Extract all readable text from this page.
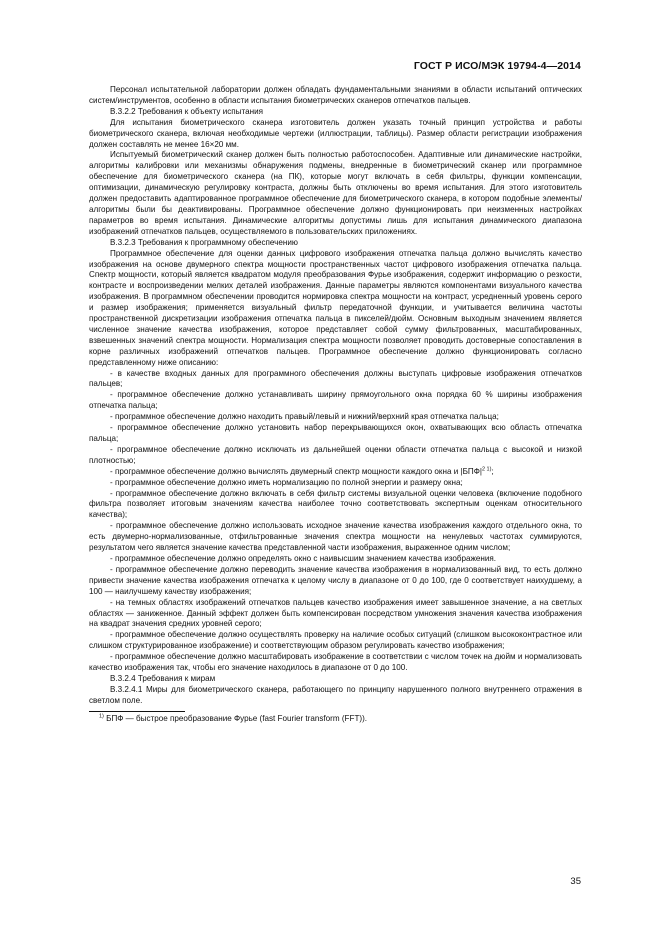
ГОСТ Р ИСО/МЭК 19794-4—2014

Персонал испытательной лаборатории должен обладать фундаментальными знаниями в области испытаний оптических систем/инструментов, особенно в области испытания биометрических сканеров отпечатков пальцев.

В.3.2.2 Требования к объекту испытания

Для испытания биометрического сканера изготовитель должен указать точный принцип устройства и работы биометрического сканера, включая необходимые чертежи (иллюстрации, таблицы). Размер области регистрации изображения должен составлять не менее 16×20 мм.

Испытуемый биометрический сканер должен быть полностью работоспособен. Адаптивные или динамические настройки, алгоритмы калибровки или механизмы обнаружения подмены, внедренные в биометрический сканер или программное обеспечение для биометрического сканера (на ПК), которые могут включать в себя фильтры, функции компенсации, оптимизации, динамическую регулировку контраста, должны быть отключены во время испытания. Для этого изготовитель должен предоставить адаптированное программное обеспечение для биометрического сканера, в котором подобные элементы/алгоритмы были бы деактивированы. Программное обеспечение должно функционировать при неизменных настройках параметров во время испытания. Динамические алгоритмы допустимы лишь для испытания динамического диапазона изображений отпечатков пальцев, осуществляемого в пользовательских приложениях.

В.3.2.3 Требования к программному обеспечению

Программное обеспечение для оценки данных цифрового изображения отпечатка пальца должно вычислять качество изображения на основе двумерного спектра мощности пространственных частот цифрового изображения отпечатка пальца. Спектр мощности, который является квадратом модуля преобразования Фурье изображения, содержит информацию о резкости, контрасте и воспроизведении мелких деталей изображения. Данные параметры являются компонентами визуального качества изображения. В программном обеспечении проводится нормировка спектра мощности на контраст, усредненный уровень серого и размер изображения; применяется визуальный фильтр передаточной функции, и учитывается величина частоты пространственной дискретизации изображения отпечатка пальца в пикселей/дюйм. Основным выходным значением является численное значение качества изображения, которое представляет собой сумму фильтрованных, масштабированных, взвешенных значений спектра мощности. Нормализация спектра мощности позволяет проводить достоверные сопоставления в корне различных изображений отпечатков пальцев. Программное обеспечение должно функционировать согласно представленному ниже описанию:

- в качестве входных данных для программного обеспечения должны выступать цифровые изображения отпечатков пальцев;

- программное обеспечение должно устанавливать ширину прямоугольного окна порядка 60 % ширины изображения отпечатка пальца;

- программное обеспечение должно находить правый/левый и нижний/верхний края отпечатка пальца;

- программное обеспечение должно установить набор перекрывающихся окон, охватывающих всю область отпечатка пальца;

- программное обеспечение должно исключать из дальнейшей оценки области отпечатка пальца с высокой и низкой плотностью;

- программное обеспечение должно вычислять двумерный спектр мощности каждого окна и $|БПФ|^{2 1)}$;

- программное обеспечение должно иметь нормализацию по полной энергии и размеру окна;

- программное обеспечение должно включать в себя фильтр системы визуальной оценки человека (включение подобного фильтра позволяет итоговым значениям качества наиболее точно соответствовать экспертным оценкам относительного качества);

- программное обеспечение должно использовать исходное значение качества изображения каждого отдельного окна, то есть двумерно-нормализованные, отфильтрованные значения спектра мощности на ненулевых частотах суммируются, результатом чего является значение качества представленной части изображения, выраженное одним числом;

- программное обеспечение должно определять окно с наивысшим значением качества изображения.

- программное обеспечение должно переводить значение качества изображения в нормализованный вид, то есть должно привести значение качества изображения отпечатка к целому числу в диапазоне от 0 до 100, где 0 соответствует наихудшему, а 100 — наилучшему качеству изображения;

- на темных областях изображений отпечатков пальцев качество изображения имеет завышенное значение, а на светлых областях — заниженное. Данный эффект должен быть компенсирован посредством умножения значения качества изображения на квадрат значения средних уровней серого;

- программное обеспечение должно осуществлять проверку на наличие особых ситуаций (слишком высококонтрастное или слишком структурированное изображение) и соответствующим образом регулировать качество изображения;

- программное обеспечение должно масштабировать изображение в соответствии с числом точек на дюйм и нормализовать качество изображения так, чтобы его значение находилось в диапазоне от 0 до 100.

В.3.2.4 Требования к мирам

В.3.2.4.1 Миры для биометрического сканера, работающего по принципу нарушенного полного внутреннего отражения в светлом поле.

$^{1)}$ БПФ — быстрое преобразование Фурье (fast Fourier transform (FFT)).

35
